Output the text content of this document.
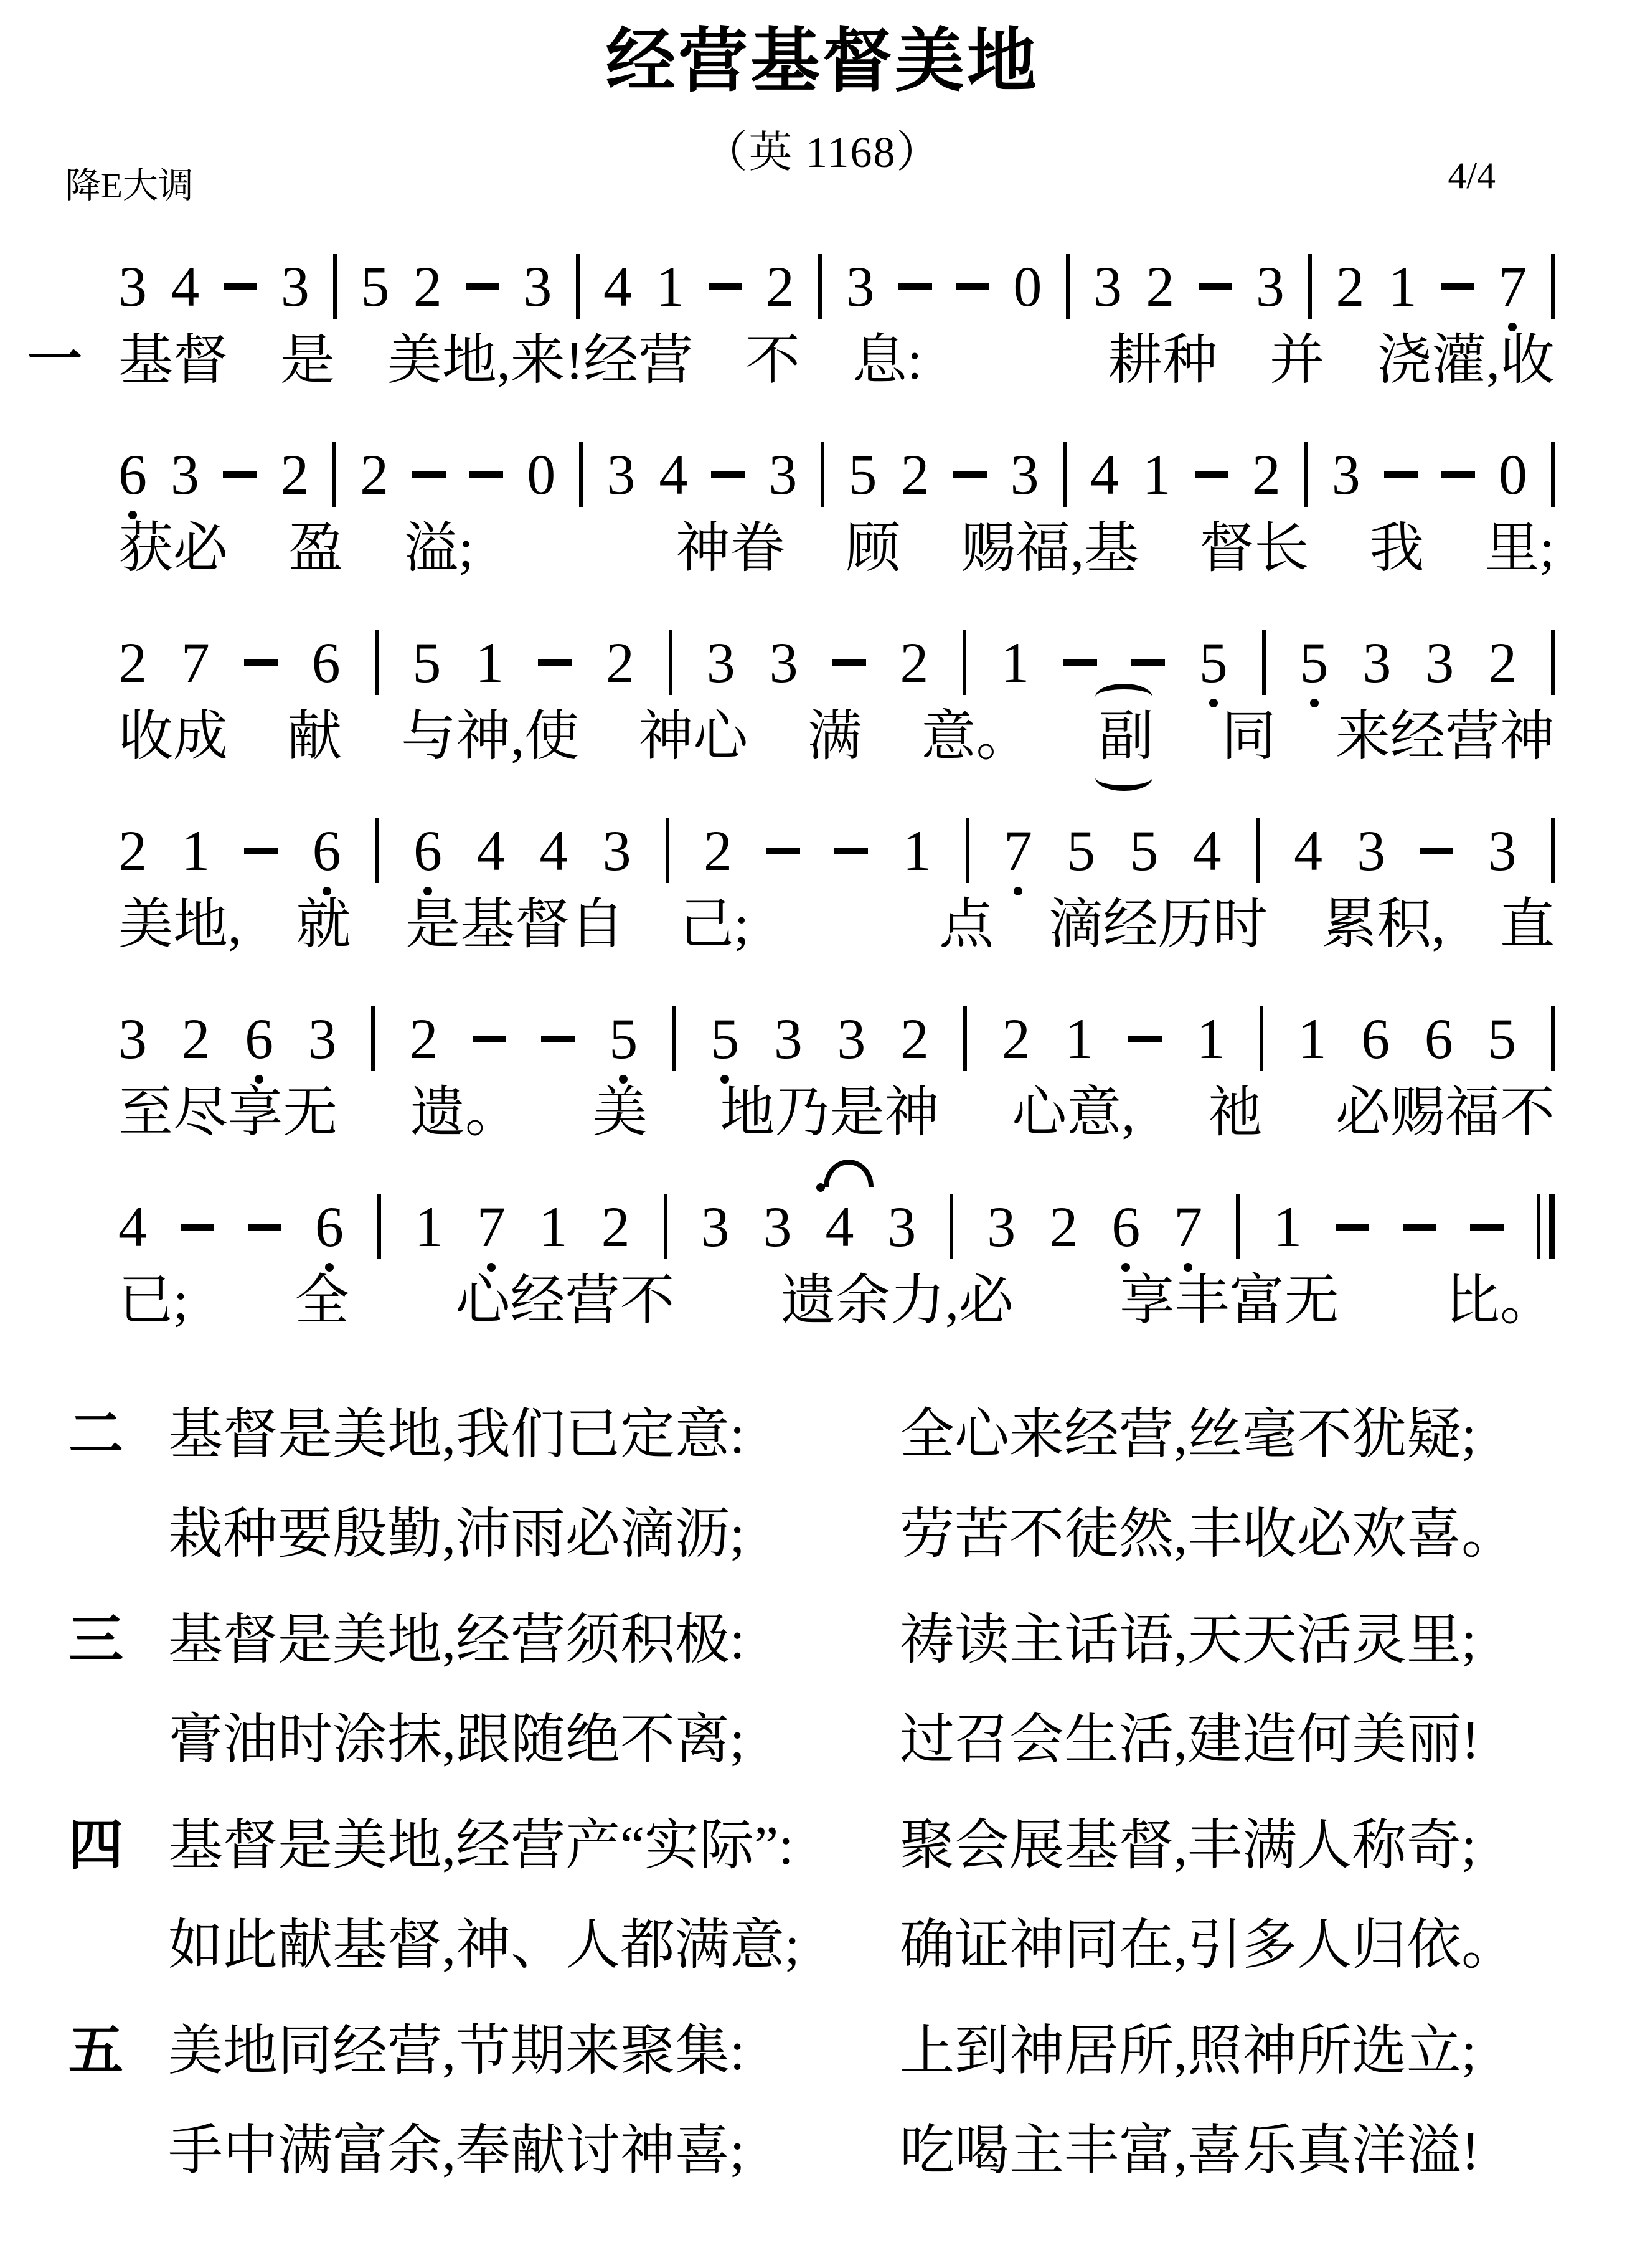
经营基督美地
（英 1168）
降E大调	4/4
3 4 3 5 2 3 4 1 2 3 0 3 2 3 2 1 7
一 基督 是 美地,来!经营 不 息:	耕种 并 浇灌,收
6 3 2 2 0 3 4 3 5 2 3 4 1 2 3 0
获必 盈 溢;	神眷 顾 赐福,基 督长 我 里;
2 7 6 5 1 2 3 3 2 1	5 5 3 3 2
收成 献 与神,使 神心 满 意。 副 同 来经营神
2 1 6 6 4 4 3 2	1 7 5 5 4 4 3 3
美地, 就 是基督自 己;	点 滴经历时 累积, 直
3 2 6 3 2	5 5 3 3 2 2 1 1 1 6 6 5
至尽享无 遗。 美 地乃是神 心意, 祂 必赐福不
4	6 1 7 1 2 3 3 4 3 3 2 6 7 1
已; 全 心经营不 遗余力,必 享丰富无 比。
二 基督是美地,我们已定意:	全心来经营,丝毫不犹疑;
栽种要殷勤,沛雨必滴沥;	劳苦不徒然,丰收必欢喜。
三 基督是美地,经营须积极:	祷读主话语,天天活灵里;
膏油时涂抹,跟随绝不离;	过召会生活,建造何美丽!
四 基督是美地,经营产“实际”: 聚会展基督,丰满人称奇;
如此献基督,神、人都满意; 确证神同在,引多人归依。
五 美地同经营,节期来聚集:	上到神居所,照神所选立;
手中满富余,奉献讨神喜;	吃喝主丰富,喜乐真洋溢!
